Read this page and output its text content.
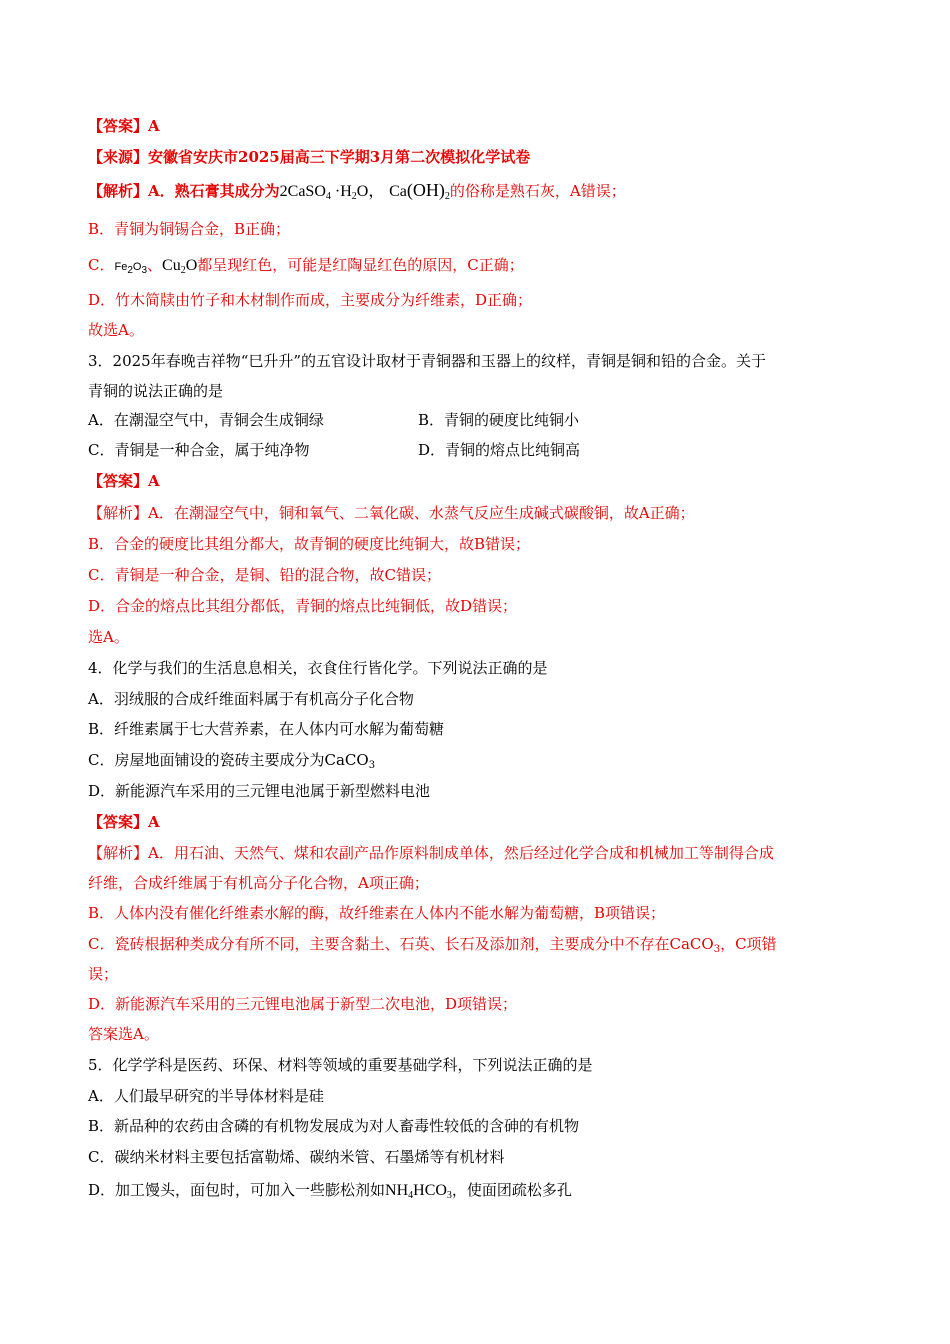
【答案】A
【来源】安徽省安庆市2025届高三下学期3月第二次模拟化学试卷
【解析】A．熟石膏其成分为2CaSO$_4$ $\cdot H_2O$， $Ca(OH)_2$的俗称是熟石灰，A错误；
B．青铜为铜锡合金，B正确；
C．$Fe_2O_3$、$Cu_2O$都呈现红色，可能是红陶显红色的原因，C正确；
D．竹木简牍由竹子和木材制作而成，主要成分为纤维素，D正确；
故选A。
3．2025年春晚吉祥物“巳升升”的五官设计取材于青铜器和玉器上的纹样，青铜是铜和铅的合金。关于
青铜的说法正确的是
A．在潮湿空气中，青铜会生成铜绿	B．青铜的硬度比纯铜小
C．青铜是一种合金，属于纯净物	D．青铜的熔点比纯铜高
【答案】A
【解析】A．在潮湿空气中，铜和氧气、二氧化碳、水蒸气反应生成碱式碳酸铜，故A正确；
B．合金的硬度比其组分都大，故青铜的硬度比纯铜大，故B错误；
C．青铜是一种合金，是铜、铅的混合物，故C错误；
D．合金的熔点比其组分都低，青铜的熔点比纯铜低，故D错误；
选A。
4．化学与我们的生活息息相关，衣食住行皆化学。下列说法正确的是
A．羽绒服的合成纤维面料属于有机高分子化合物
B．纤维素属于七大营养素，在人体内可水解为葡萄糖
C．房屋地面铺设的瓷砖主要成分为CaCO$_3$
D．新能源汽车采用的三元锂电池属于新型燃料电池
【答案】A
【解析】A．用石油、天然气、煤和农副产品作原料制成单体，然后经过化学合成和机械加工等制得合成
纤维，合成纤维属于有机高分子化合物，A项正确；
B．人体内没有催化纤维素水解的酶，故纤维素在人体内不能水解为葡萄糖，B项错误；
C．瓷砖根据种类成分有所不同，主要含黏土、石英、长石及添加剂，主要成分中不存在CaCO$_3$，C项错
误；
D．新能源汽车采用的三元锂电池属于新型二次电池，D项错误；
答案选A。
5．化学学科是医药、环保、材料等领域的重要基础学科，下列说法正确的是
A．人们最早研究的半导体材料是硅
B．新品种的农药由含磷的有机物发展成为对人畜毒性较低的含砷的有机物
C．碳纳米材料主要包括富勒烯、碳纳米管、石墨烯等有机材料
D．加工馒头，面包时，可加入一些膨松剂如$NH_4HCO_3$，使面团疏松多孔
